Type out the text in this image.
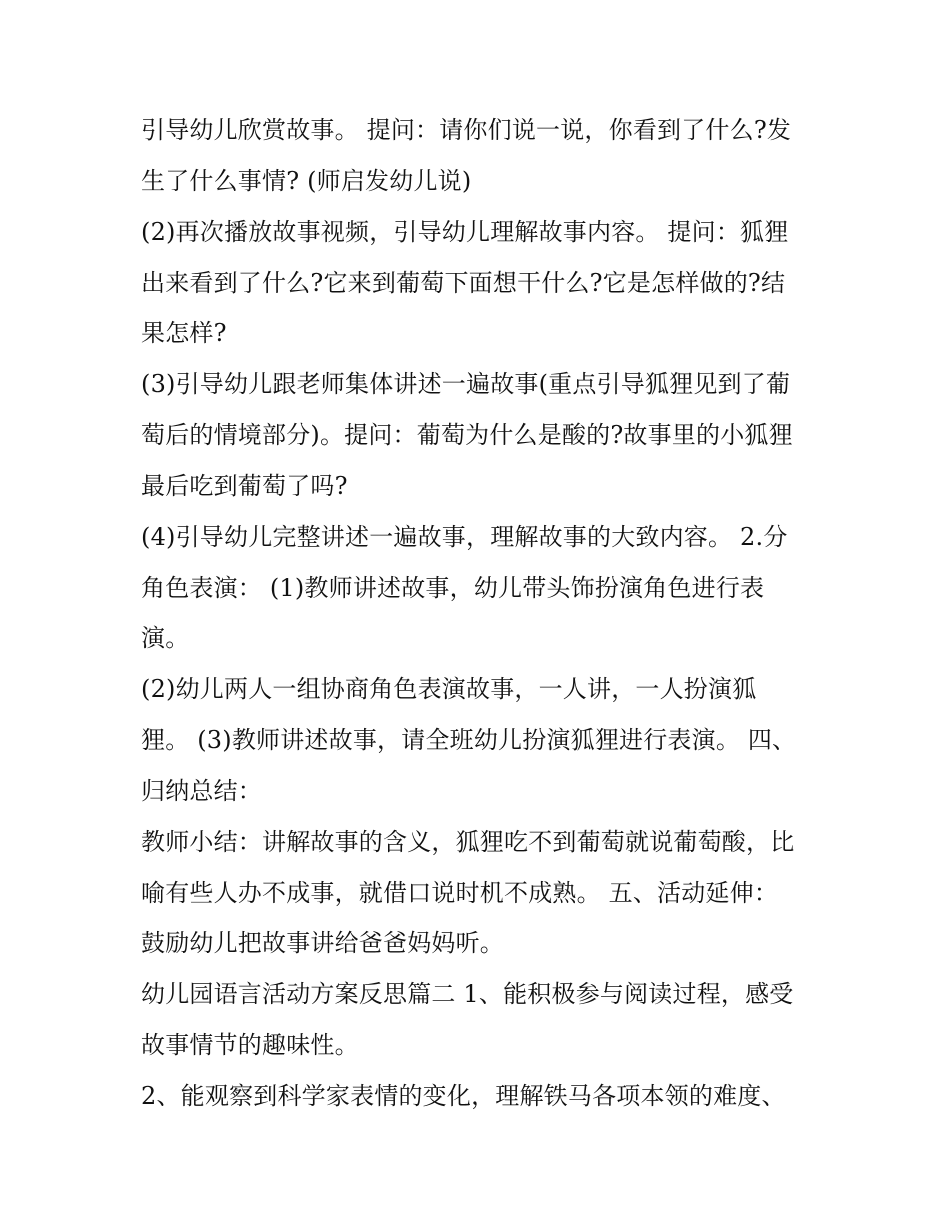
引导幼儿欣赏故事。 提问：请你们说一说，你看到了什么?发
生了什么事情? (师启发幼儿说)
(2)再次播放故事视频，引导幼儿理解故事内容。 提问：狐狸
出来看到了什么?它来到葡萄下面想干什么?它是怎样做的?结
果怎样?
(3)引导幼儿跟老师集体讲述一遍故事(重点引导狐狸见到了葡
萄后的情境部分)。提问：葡萄为什么是酸的?故事里的小狐狸
最后吃到葡萄了吗?
(4)引导幼儿完整讲述一遍故事，理解故事的大致内容。 2.分
角色表演： (1)教师讲述故事，幼儿带头饰扮演角色进行表
演。
(2)幼儿两人一组协商角色表演故事，一人讲，一人扮演狐
狸。 (3)教师讲述故事，请全班幼儿扮演狐狸进行表演。 四、
归纳总结：
教师小结：讲解故事的含义，狐狸吃不到葡萄就说葡萄酸，比
喻有些人办不成事，就借口说时机不成熟。 五、活动延伸：
鼓励幼儿把故事讲给爸爸妈妈听。
幼儿园语言活动方案反思篇二 1、能积极参与阅读过程，感受
故事情节的趣味性。
2、能观察到科学家表情的变化，理解铁马各项本领的难度、
